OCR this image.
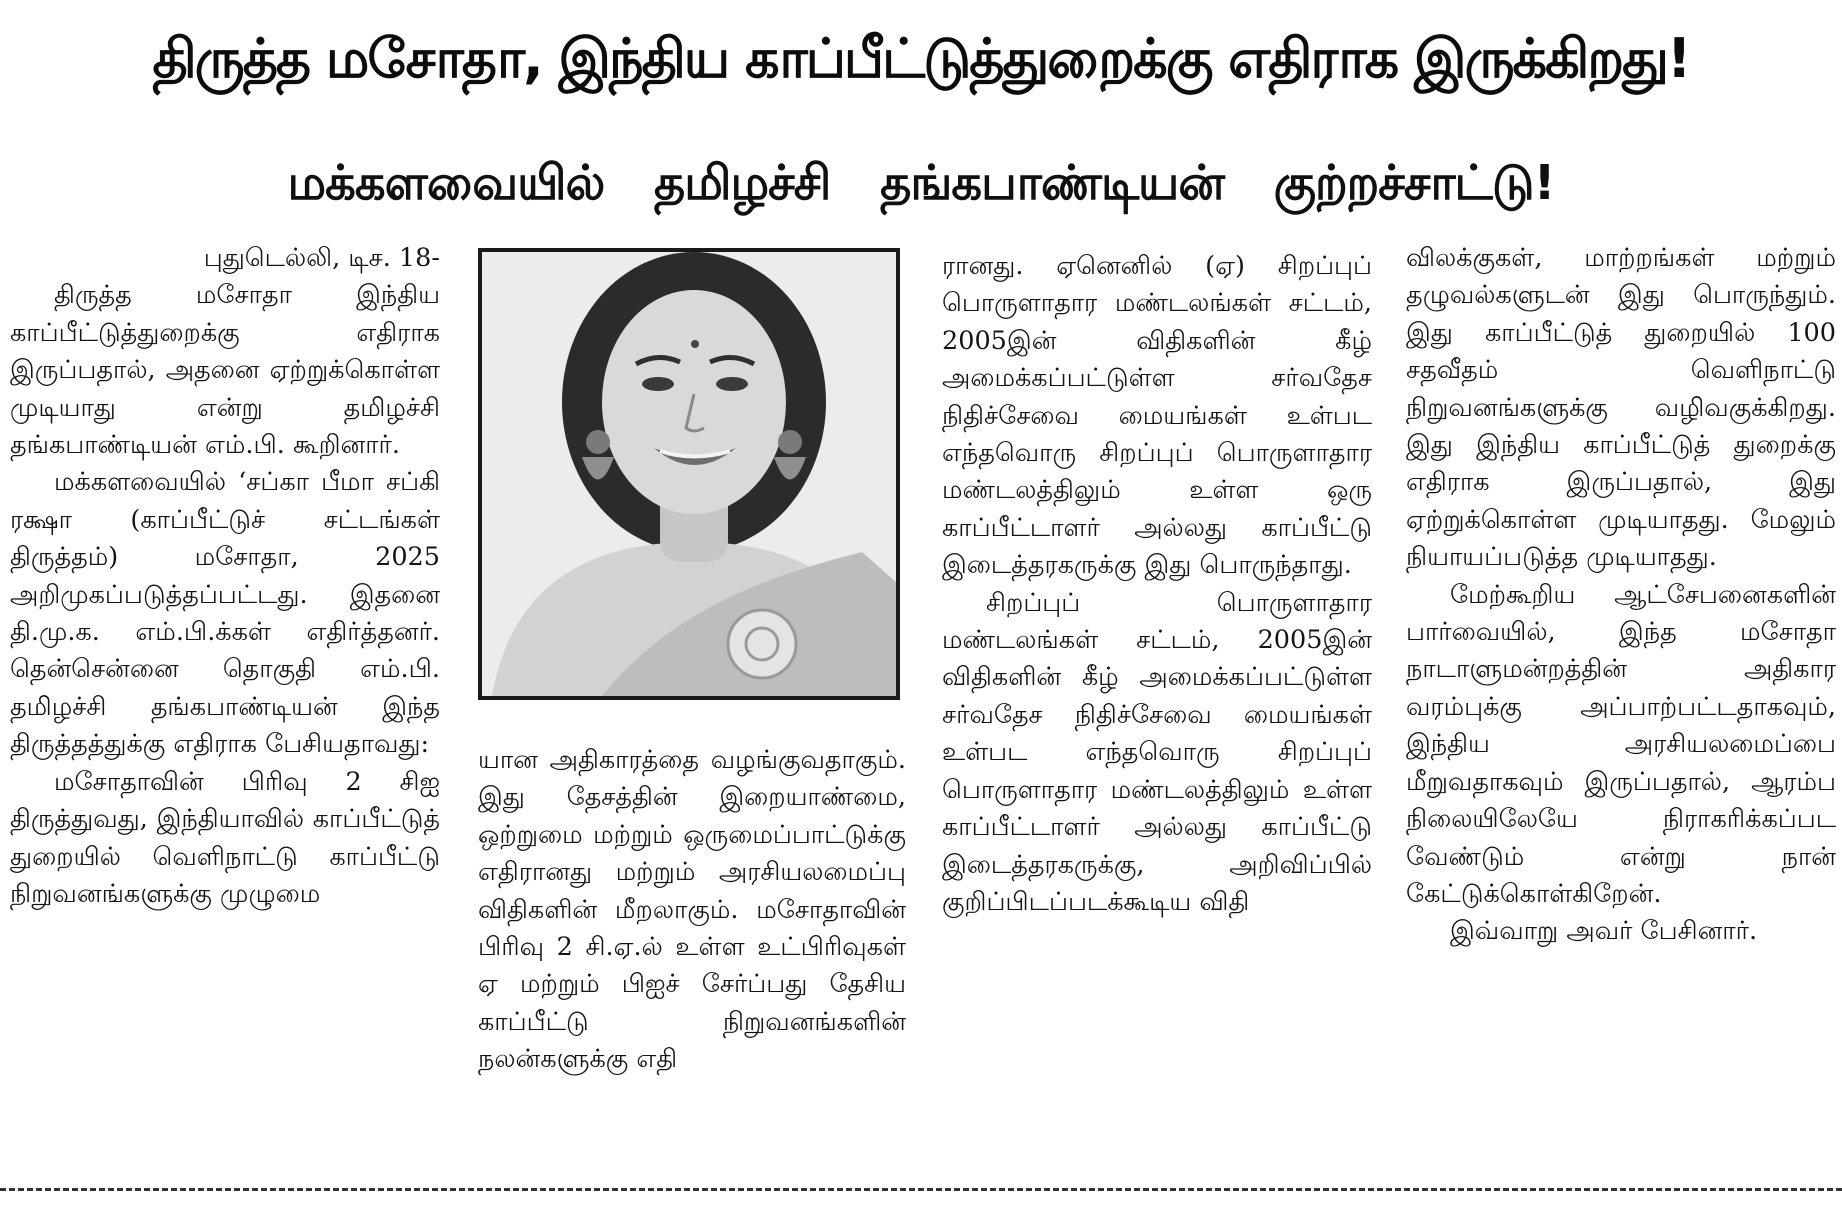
திருத்த மசோதா, இந்திய காப்பீட்டுத்துறைக்கு எதிராக இருக்கிறது!
மக்களவையில் தமிழச்சி தங்கபாண்டியன் குற்றச்சாட்டு!

புதுடெல்லி, டிச. 18-

திருத்த மசோதா இந்திய காப்பீட்டுத்துறைக்கு எதிராக இருப்பதால், அதனை ஏற்றுக்கொள்ள முடியாது என்று தமிழச்சி தங்கபாண்டியன் எம்.பி. கூறினார்.

மக்களவையில் ‘சப்கா பீமா சப்கி ரக்ஷா (காப்பீட்டுச் சட்டங்கள் திருத்தம்) மசோதா, 2025 அறிமுகப்படுத்தப்பட்டது. இதனை தி.மு.க. எம்.பி.க்கள் எதிர்த்தனர். தென்சென்னை தொகுதி எம்.பி. தமிழச்சி தங்கபாண்டியன் இந்த திருத்தத்துக்கு எதிராக பேசியதாவது:

மசோதாவின் பிரிவு 2 சிஐ திருத்துவது, இந்தியாவில் காப்பீட்டுத் துறையில் வெளிநாட்டு காப்பீட்டு நிறுவனங்களுக்கு முழுமை

யான அதிகாரத்தை வழங்குவதாகும். இது தேசத்தின் இறையாண்மை, ஒற்றுமை மற்றும் ஒருமைப்பாட்டுக்கு எதிரானது மற்றும் அரசியலமைப்பு விதிகளின் மீறலாகும். மசோதாவின் பிரிவு 2 சி.ஏ.ல் உள்ள உட்பிரிவுகள் ஏ மற்றும் பிஐச் சேர்ப்பது தேசிய காப்பீட்டு நிறுவனங்களின் நலன்களுக்கு எதி

ரானது. ஏனெனில் (ஏ) சிறப்புப் பொருளாதார மண்டலங்கள் சட்டம், 2005இன் விதிகளின் கீழ் அமைக்கப்பட்டுள்ள சர்வதேச நிதிச்சேவை மையங்கள் உள்பட எந்தவொரு சிறப்புப் பொருளாதார மண்டலத்திலும் உள்ள ஒரு காப்பீட்டாளர் அல்லது காப்பீட்டு இடைத்தரகருக்கு இது பொருந்தாது.

சிறப்புப் பொருளாதார மண்டலங்கள் சட்டம், 2005இன் விதிகளின் கீழ் அமைக்கப்பட்டுள்ள சர்வதேச நிதிச்சேவை மையங்கள் உள்பட எந்தவொரு சிறப்புப் பொருளாதார மண்டலத்திலும் உள்ள காப்பீட்டாளர் அல்லது காப்பீட்டு இடைத்தரகருக்கு, அறிவிப்பில் குறிப்பிடப்படக்கூடிய விதி

விலக்குகள், மாற்றங்கள் மற்றும் தழுவல்களுடன் இது பொருந்தும். இது காப்பீட்டுத் துறையில் 100 சதவீதம் வெளிநாட்டு நிறுவனங்களுக்கு வழிவகுக்கிறது. இது இந்திய காப்பீட்டுத் துறைக்கு எதிராக இருப்பதால், இது ஏற்றுக்கொள்ள முடியாதது. மேலும் நியாயப்படுத்த முடியாதது.

மேற்கூறிய ஆட்சேபனைகளின் பார்வையில், இந்த மசோதா நாடாளுமன்றத்தின் அதிகார வரம்புக்கு அப்பாற்பட்டதாகவும், இந்திய அரசியலமைப்பை மீறுவதாகவும் இருப்பதால், ஆரம்ப நிலையிலேயே நிராகரிக்கப்பட வேண்டும் என்று நான் கேட்டுக்கொள்கிறேன்.

இவ்வாறு அவர் பேசினார்.
